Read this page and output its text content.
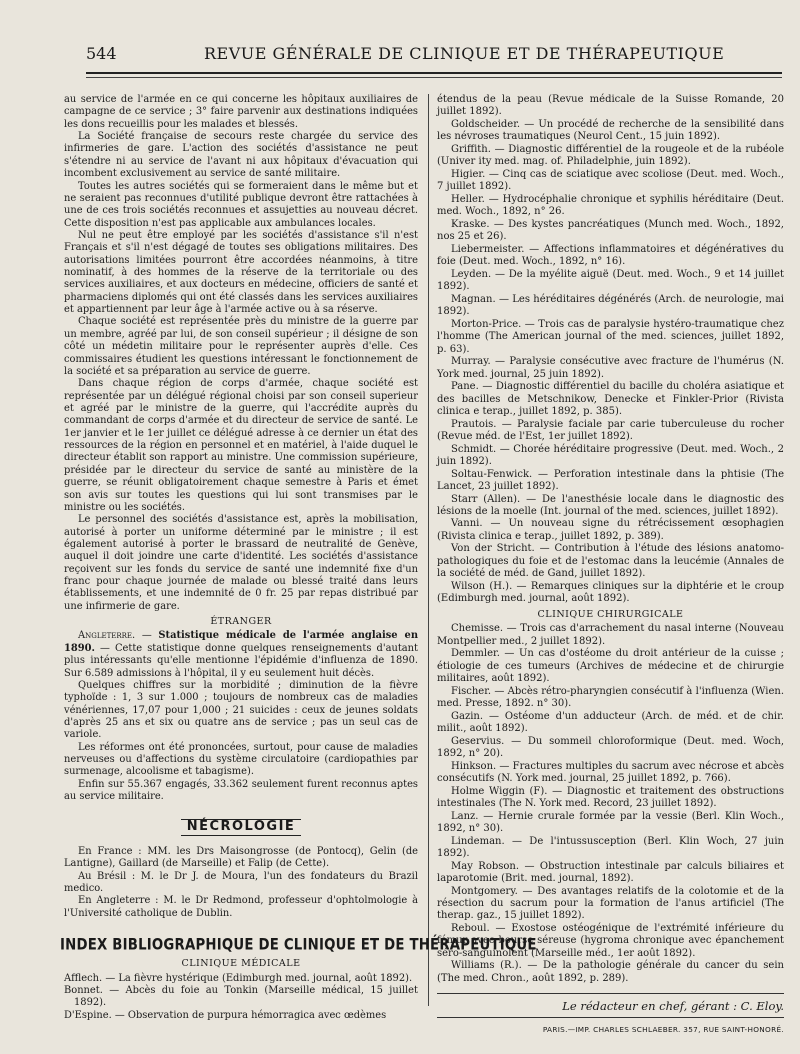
544	REVUE GÉNÉRALE DE CLINIQUE ET DE THÉRAPEUTIQUE

au service de l'armée en ce qui concerne les hôpitaux auxiliaires de campagne de ce service ; 3° faire parvenir aux destinations indiquées les dons recueillis pour les malades et blessés.

La Société française de secours reste chargée du service des infirmeries de gare. L'action des sociétés d'assistance ne peut s'étendre ni au service de l'avant ni aux hôpitaux d'évacuation qui incombent exclusivement au service de santé militaire.

Toutes les autres sociétés qui se formeraient dans le même but et ne seraient pas reconnues d'utilité publique devront être rattachées à une de ces trois sociétés reconnues et assujetties au nouveau décret. Cette disposition n'est pas applicable aux ambulances locales.

Nul ne peut être employé par les sociétés d'assistance s'il n'est Français et s'il n'est dégagé de toutes ses obligations militaires. Des autorisations limitées pourront être accordées néanmoins, à titre nominatif, à des hommes de la réserve de la territoriale ou des services auxiliaires, et aux docteurs en médecine, officiers de santé et pharmaciens diplomés qui ont été classés dans les services auxiliaires et appartiennent par leur âge à l'armée active ou à sa réserve.

Chaque société est représentée près du ministre de la guerre par un membre, agréé par lui, de son conseil supérieur ; il désigne de son côté un médetin militaire pour le représenter auprès d'elle. Ces commissaires étudient les questions intéressant le fonctionnement de la société et sa préparation au service de guerre.

Dans chaque région de corps d'armée, chaque société est représentée par un délégué régional choisi par son conseil superieur et agréé par le ministre de la guerre, qui l'accrédite auprès du commandant de corps d'armée et du directeur de service de santé. Le 1er janvier et le 1er juillet ce délégué adresse à ce dernier un état des ressources de la région en personnel et en matériel, à l'aide duquel le directeur établit son rapport au ministre. Une commission supérieure, présidée par le directeur du service de santé au ministère de la guerre, se réunit obligatoirement chaque semestre à Paris et émet son avis sur toutes les questions qui lui sont transmises par le ministre ou les sociétés.

Le personnel des sociétés d'assistance est, après la mobilisation, autorisé à porter un uniforme déterminé par le ministre ; il est également autorisé à porter le brassard de neutralité de Genève, auquel il doit joindre une carte d'identité. Les sociétés d'assistance reçoivent sur les fonds du service de santé une indemnité fixe d'un franc pour chaque journée de malade ou blessé traité dans leurs établissements, et une indemnité de 0 fr. 25 par repas distribué par une infirmerie de gare.

ÉTRANGER

Angleterre. — Statistique médicale de l'armée anglaise en 1890. — Cette statistique donne quelques renseignements d'autant plus intéressants qu'elle mentionne l'épidémie d'influenza de 1890. Sur 6.589 admissions à l'hôpital, il y eu seulement huit décès.

Quelques chiffres sur la morbidité ; diminution de la fièvre typhoïde : 1, 3 sur 1.000 ; toujours de nombreux cas de maladies vénériennes, 17,07 pour 1,000 ; 21 suicides : ceux de jeunes soldats d'après 25 ans et six ou quatre ans de service ; pas un seul cas de variole.

Les réformes ont été prononcées, surtout, pour cause de maladies nerveuses ou d'affections du système circulatoire (cardiopathies par surmenage, alcoolisme et tabagisme).

Enfin sur 55.367 engagés, 33.362 seulement furent reconnus aptes au service militaire.

NÉCROLOGIE

En France : MM. les Drs Maisongrosse (de Pontocq), Gelin (de Lantigne), Gaillard (de Marseille) et Falip (de Cette).

Au Brésil : M. le Dr J. de Moura, l'un des fondateurs du Brazil medico.

En Angleterre : M. le Dr Redmond, professeur d'ophtolmologie à l'Université catholique de Dublin.

INDEX BIBLIOGRAPHIQUE DE CLINIQUE ET DE THÉRAPEUTIQUE
CLINIQUE MÉDICALE

Afflech. — La fièvre hystérique (Edimburgh med. journal, août 1892).

Bonnet. — Abcès du foie au Tonkin (Marseille médical, 15 juillet 1892).

D'Espine. — Observation de purpura hémorragica avec œdèmes

étendus de la peau (Revue médicale de la Suisse Romande, 20 juillet 1892).

Goldscheider. — Un procédé de recherche de la sensibilité dans les névroses traumatiques (Neurol Cent., 15 juin 1892).

Griffith. — Diagnostic différentiel de la rougeole et de la rubéole (Univer ity med. mag. of. Philadelphie, juin 1892).

Higier. — Cinq cas de sciatique avec scoliose (Deut. med. Woch., 7 juillet 1892).

Heller. — Hydrocéphalie chronique et syphilis héréditaire (Deut. med. Woch., 1892, n° 26.

Kraske. — Des kystes pancréatiques (Munch med. Woch., 1892, nos 25 et 26).

Liebermeister. — Affections inflammatoires et dégénératives du foie (Deut. med. Woch., 1892, n° 16).

Leyden. — De la myélite aiguë (Deut. med. Woch., 9 et 14 juillet 1892).

Magnan. — Les héréditaires dégénérés (Arch. de neurologie, mai 1892).

Morton-Price. — Trois cas de paralysie hystéro-traumatique chez l'homme (The American journal of the med. sciences, juillet 1892, p. 63).

Murray. — Paralysie consécutive avec fracture de l'humérus (N. York med. journal, 25 juin 1892).

Pane. — Diagnostic différentiel du bacille du choléra asiatique et des bacilles de Metschnikow, Denecke et Finkler-Prior (Rivista clinica e terap., juillet 1892, p. 385).

Prautois. — Paralysie faciale par carie tuberculeuse du rocher (Revue méd. de l'Est, 1er juillet 1892).

Schmidt. — Chorée héréditaire progressive (Deut. med. Woch., 2 juin 1892).

Soltau-Fenwick. — Perforation intestinale dans la phtisie (The Lancet, 23 juillet 1892).

Starr (Allen). — De l'anesthésie locale dans le diagnostic des lésions de la moelle (Int. journal of the med. sciences, juillet 1892).

Vanni. — Un nouveau signe du rétrécissement œsophagien (Rivista clinica e terap., juillet 1892, p. 389).

Von der Stricht. — Contribution à l'étude des lésions anatomo-pathologiques du foie et de l'estomac dans la leucémie (Annales de la société de méd. de Gand, juillet 1892).

Wilson (H.). — Remarques cliniques sur la diphtérie et le croup (Edimburgh med. journal, août 1892).

CLINIQUE CHIRURGICALE

Chemisse. — Trois cas d'arrachement du nasal interne (Nouveau Montpellier med., 2 juillet 1892).

Demmler. — Un cas d'ostéome du droit antérieur de la cuisse ; étiologie de ces tumeurs (Archives de médecine et de chirurgie militaires, août 1892).

Fischer. — Abcès rétro-pharyngien consécutif à l'influenza (Wien. med. Presse, 1892. n° 30).

Gazin. — Ostéome d'un adducteur (Arch. de méd. et de chir. milit., août 1892).

Geservius. — Du sommeil chloroformique (Deut. med. Woch, 1892, n° 20).

Hinkson. — Fractures multiples du sacrum avec nécrose et abcès consécutifs (N. York med. journal, 25 juillet 1892, p. 766).

Holme Wiggin (F). — Diagnostic et traitement des obstructions intestinales (The N. York med. Record, 23 juillet 1892).

Lanz. — Hernie crurale formée par la vessie (Berl. Klin Woch., 1892, n° 30).

Lindeman. — De l'intussusception (Berl. Klin Woch, 27 juin 1892).

May Robson. — Obstruction intestinale par calculs biliaires et laparotomie (Brit. med. journal, 1892).

Montgomery. — Des avantages relatifs de la colotomie et de la résection du sacrum pour la formation de l'anus artificiel (The therap. gaz., 15 juillet 1892).

Reboul. — Exostose ostéogénique de l'extrémité inférieure du fémur avec bourse séreuse (hygroma chronique avec épanchement séro-sanguinolent (Marseille méd., 1er août 1892).

Williams (R.). — De la pathologie générale du cancer du sein (The med. Chron., août 1892, p. 289).

Le rédacteur en chef, gérant : C. Eloy.
PARIS.—IMP. CHARLES SCHLAEBER. 357, RUE SAINT-HONORÉ.
